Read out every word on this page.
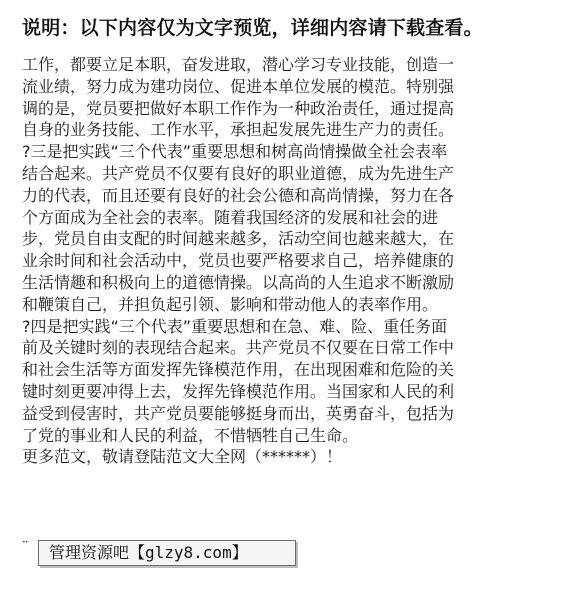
说明：以下内容仅为文字预览，详细内容请下载查看。
工作，都要立足本职，奋发进取，潜心学习专业技能，创造一
流业绩，努力成为建功岗位、促进本单位发展的模范。特别强
调的是，党员要把做好本职工作作为一种政治责任，通过提高
自身的业务技能、工作水平，承担起发展先进生产力的责任。
?三是把实践“三个代表”重要思想和树高尚情操做全社会表率
结合起来。共产党员不仅要有良好的职业道德，成为先进生产
力的代表，而且还要有良好的社会公德和高尚情操，努力在各
个方面成为全社会的表率。随着我国经济的发展和社会的进
步，党员自由支配的时间越来越多，活动空间也越来越大，在
业余时间和社会活动中，党员也要严格要求自己，培养健康的
生活情趣和积极向上的道德情操。以高尚的人生追求不断激励
和鞭策自己，并担负起引领、影响和带动他人的表率作用。
?四是把实践“三个代表”重要思想和在急、难、险、重任务面
前及关键时刻的表现结合起来。共产党员不仅要在日常工作中
和社会生活等方面发挥先锋模范作用，在出现困难和危险的关
键时刻更要冲得上去，发挥先锋模范作用。当国家和人民的利
益受到侵害时，共产党员要能够挺身而出，英勇奋斗，包括为
了党的事业和人民的利益，不惜牺牲自己生命。
更多范文，敬请登陆范文大全网（******）！
··
管理资源吧【glzy8.com】
